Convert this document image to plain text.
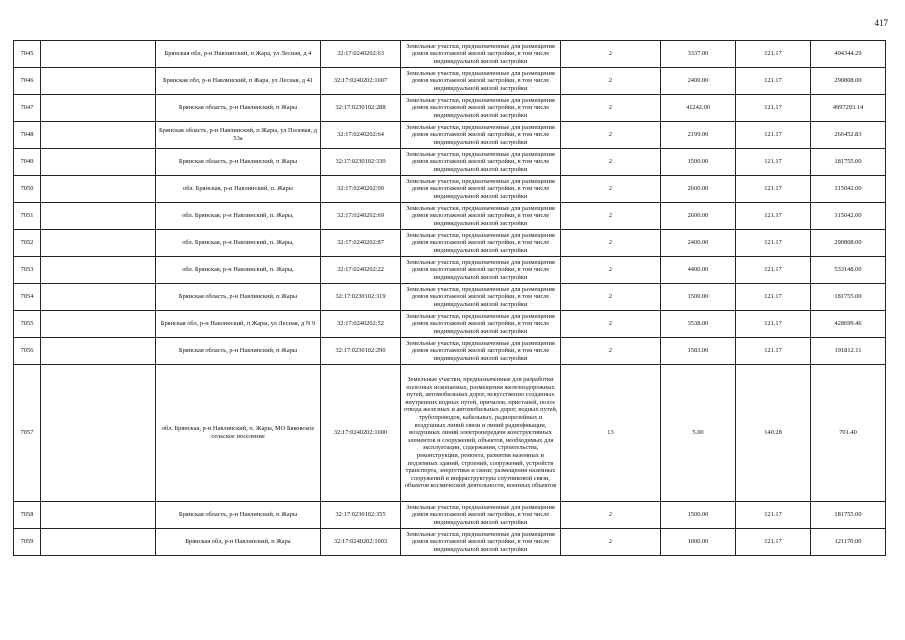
417
7045		Брянская обл, р-н Навлинский, п Жара, ул Лесная, д 4	32:17:0240202:63	Земельные участки, предназначенные для размещения домов малоэтажной жилой застройки, в том числе индивидуальной жилой застройки	2	3337.00	121.17	404344.29
7046		Брянская обл, р-н Навлинский, п Жара, ул Лесная, д 41	32:17:0240202:1007	Земельные участки, предназначенные для размещения домов малоэтажной жилой застройки, в том числе индивидуальной жилой застройки	2	2400.00	121.17	290808.00
7047		Брянская область, р-н Навлинский, п Жары	32:17:0230102:288	Земельные участки, предназначенные для размещения домов малоэтажной жилой застройки, в том числе индивидуальной жилой застройки	2	41242.00	121.17	4997293.14
7048		Брянская область, р-н Навлинский, п Жары, ул Полевая, д 53а	32:17:0240202:64	Земельные участки, предназначенные для размещения домов малоэтажной жилой застройки, в том числе индивидуальной жилой застройки	2	2199.00	121.17	266452.83
7049		Брянская область, р-н Навлинский, п Жары	32:17:0230102:330	Земельные участки, предназначенные для размещения домов малоэтажной жилой застройки, в том числе индивидуальной жилой застройки	2	1500.00	121.17	181755.00
7050		обл. Брянская, р-н Навлинский, п. Жары	32:17:0240202:90	Земельные участки, предназначенные для размещения домов малоэтажной жилой застройки, в том числе индивидуальной жилой застройки	2	2600.00	121.17	315042.00
7051		обл. Брянская, р-н Навлинский, п. Жары,	32:17:0240202:69	Земельные участки, предназначенные для размещения домов малоэтажной жилой застройки, в том числе индивидуальной жилой застройки	2	2600.00	121.17	315042.00
7052		обл. Брянская, р-н Навлинский, п. Жары,	32:17:0240202:87	Земельные участки, предназначенные для размещения домов малоэтажной жилой застройки, в том числе индивидуальной жилой застройки	2	2400.00	121.17	290808.00
7053		обл. Брянская, р-н Навлинский, п. Жары,	32:17:0240202:22	Земельные участки, предназначенные для размещения домов малоэтажной жилой застройки, в том числе индивидуальной жилой застройки	2	4400.00	121.17	533148.00
7054		Брянская область, р-н Навлинский, п Жары	32:17:0230102:319	Земельные участки, предназначенные для размещения домов малоэтажной жилой застройки, в том числе индивидуальной жилой застройки	2	1500.00	121.17	181755.00
7055		Брянская обл, р-н Навлинский, п Жары, ул Лесная, д N 9	32:17:0240202:52	Земельные участки, предназначенные для размещения домов малоэтажной жилой застройки, в том числе индивидуальной жилой застройки	2	3538.00	121.17	428699.46
7056		Брянская область, р-н Навлинский, п Жары	32:17:0230102:290	Земельные участки, предназначенные для размещения домов малоэтажной жилой застройки, в том числе индивидуальной жилой застройки	2	1583.00	121.17	191812.11
7057		обл. Брянская, р-н Навлинский, п. Жары, МО Бяковское сельское поселение	32:17:0240202:1000	Земельные участки, предназначенные для разработки полезных ископаемых, размещения железнодорожных путей, автомобильных дорог, искусственно созданных внутренних водных путей, причалов, пристаней, полос отвода железных и автомобильных дорог, водных путей, трубопроводов, кабельных, радиорелейных и воздушных линий связи и линий радиофикации, воздушных линий электропередачи конструктивных элементов и сооружений, объектов, необходимых для эксплуатации, содержания, строительства, реконструкции, ремонта, развития наземных и подземных зданий, строений, сооружений, устройств транспорта, энергетики и связи; размещения наземных сооружений и инфраструктуры спутниковой связи, объектов космической деятельности, военных объектов	13	5.00	140.28	701.40
7058		Брянская область, р-н Навлинский, п Жары	32:17:0230102:355	Земельные участки, предназначенные для размещения домов малоэтажной жилой застройки, в том числе индивидуальной жилой застройки	2	1500.00	121.17	181755.00
7059		Брянская обл, р-н Навлинский, п Жара	32:17:0240202:1003	Земельные участки, предназначенные для размещения домов малоэтажной жилой застройки, в том числе индивидуальной жилой застройки	2	1000.00	121.17	121170.00
